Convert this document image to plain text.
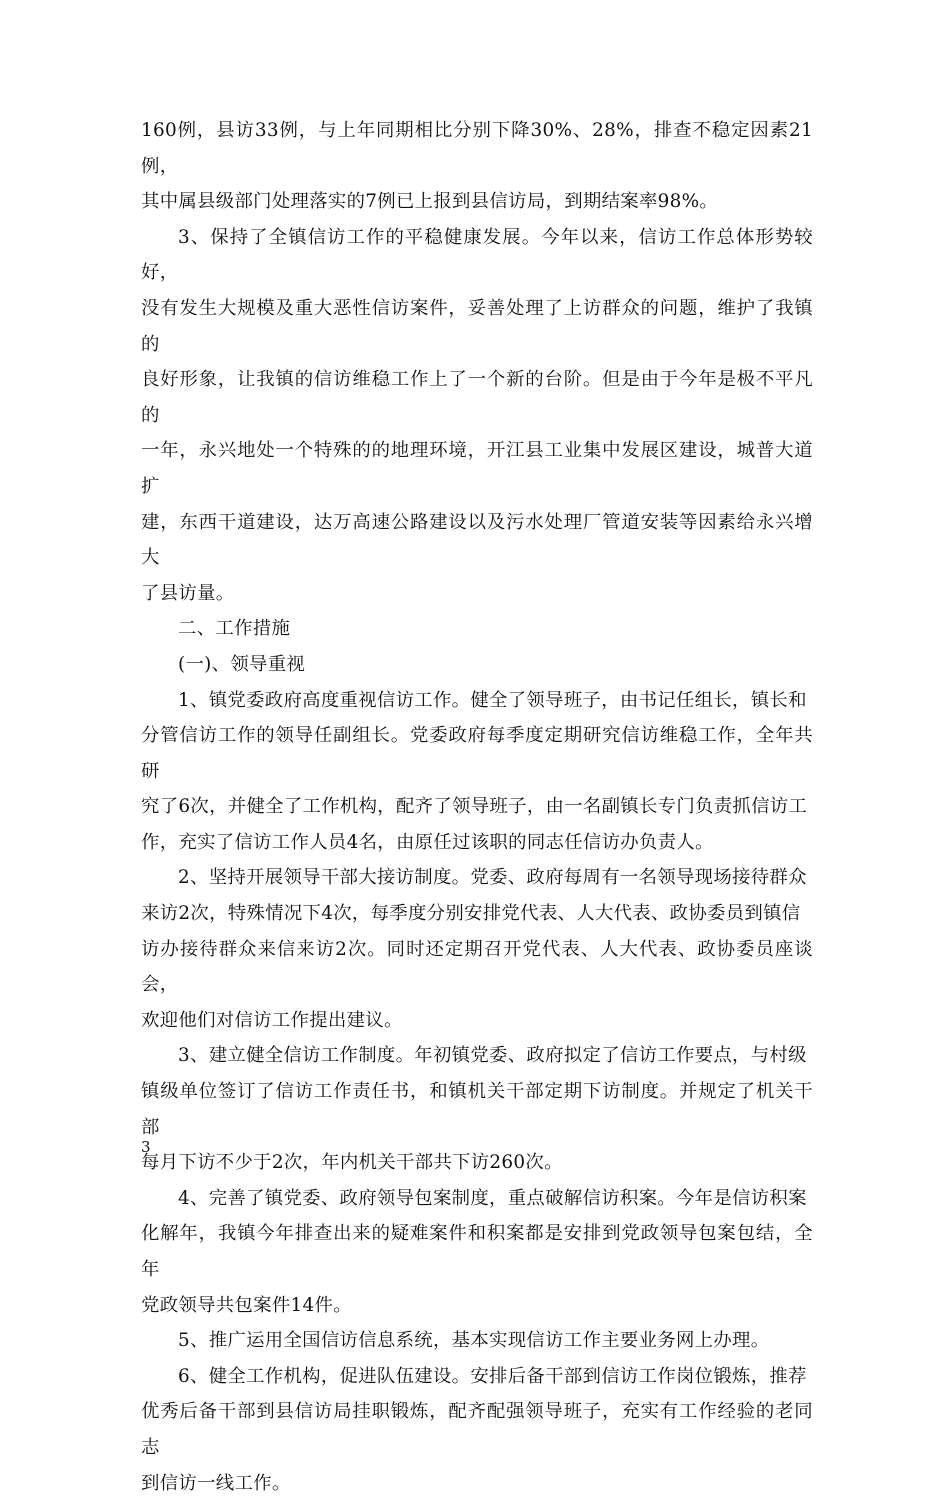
160例，县访33例，与上年同期相比分别下降30%、28%，排查不稳定因素21例，
其中属县级部门处理落实的7例已上报到县信访局，到期结案率98%。

3、保持了全镇信访工作的平稳健康发展。今年以来，信访工作总体形势较好，
没有发生大规模及重大恶性信访案件，妥善处理了上访群众的问题，维护了我镇的
良好形象，让我镇的信访维稳工作上了一个新的台阶。但是由于今年是极不平凡的
一年，永兴地处一个特殊的的地理环境，开江县工业集中发展区建设，城普大道扩
建，东西干道建设，达万高速公路建设以及污水处理厂管道安装等因素给永兴增大
了县访量。

二、工作措施

(一)、领导重视

1、镇党委政府高度重视信访工作。健全了领导班子，由书记任组长，镇长和
分管信访工作的领导任副组长。党委政府每季度定期研究信访维稳工作，全年共研
究了6次，并健全了工作机构，配齐了领导班子，由一名副镇长专门负责抓信访工
作，充实了信访工作人员4名，由原任过该职的同志任信访办负责人。

2、坚持开展领导干部大接访制度。党委、政府每周有一名领导现场接待群众
来访2次，特殊情况下4次，每季度分别安排党代表、人大代表、政协委员到镇信
访办接待群众来信来访2次。同时还定期召开党代表、人大代表、政协委员座谈会，
欢迎他们对信访工作提出建议。

3、建立健全信访工作制度。年初镇党委、政府拟定了信访工作要点，与村级
镇级单位签订了信访工作责任书，和镇机关干部定期下访制度。并规定了机关干部
每月下访不少于2次，年内机关干部共下访260次。

4、完善了镇党委、政府领导包案制度，重点破解信访积案。今年是信访积案
化解年，我镇今年排查出来的疑难案件和积案都是安排到党政领导包案包结，全年
党政领导共包案件14件。

5、推广运用全国信访信息系统，基本实现信访工作主要业务网上办理。

6、健全工作机构，促进队伍建设。安排后备干部到信访工作岗位锻炼，推荐
优秀后备干部到县信访局挂职锻炼，配齐配强领导班子，充实有工作经验的老同志
到信访一线工作。

3
